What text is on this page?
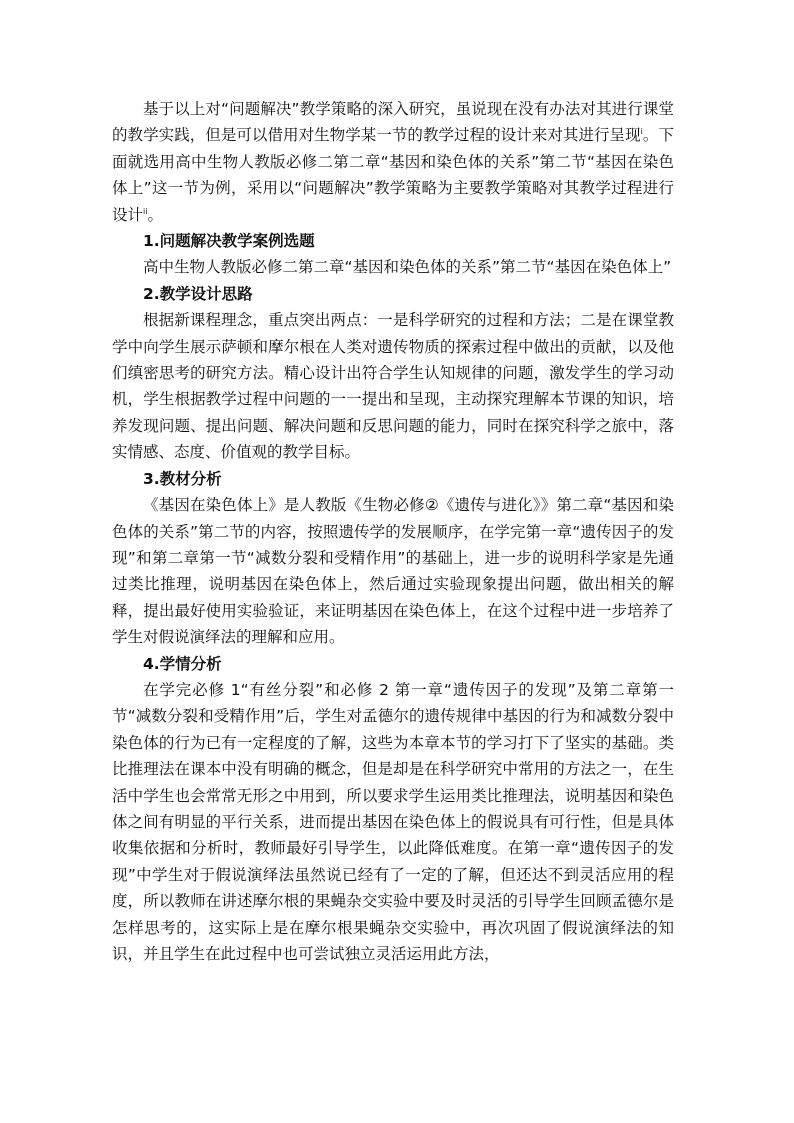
基于以上对“问题解决”教学策略的深入研究，虽说现在没有办法对其进行课堂的教学实践，但是可以借用对生物学某一节的教学过程的设计来对其进行呈现$^i$。下面就选用高中生物人教版必修二第二章“基因和染色体的关系”第二节“基因在染色体上”这一节为例，采用以“问题解决”教学策略为主要教学策略对其教学过程进行设计$^{ii}$。

1.问题解决教学案例选题

高中生物人教版必修二第二章“基因和染色体的关系”第二节“基因在染色体上”

2.教学设计思路

根据新课程理念，重点突出两点：一是科学研究的过程和方法；二是在课堂教学中向学生展示萨顿和摩尔根在人类对遗传物质的探索过程中做出的贡献，以及他们缜密思考的研究方法。精心设计出符合学生认知规律的问题，激发学生的学习动机，学生根据教学过程中问题的一一提出和呈现，主动探究理解本节课的知识，培养发现问题、提出问题、解决问题和反思问题的能力，同时在探究科学之旅中，落实情感、态度、价值观的教学目标。

3.教材分析

《基因在染色体上》是人教版《生物必修②《遗传与进化》》第二章“基因和染色体的关系”第二节的内容，按照遗传学的发展顺序，在学完第一章“遗传因子的发现”和第二章第一节“减数分裂和受精作用”的基础上，进一步的说明科学家是先通过类比推理，说明基因在染色体上，然后通过实验现象提出问题，做出相关的解释，提出最好使用实验验证，来证明基因在染色体上，在这个过程中进一步培养了学生对假说演绎法的理解和应用。

4.学情分析

在学完必修 1“有丝分裂”和必修 2 第一章“遗传因子的发现”及第二章第一节“减数分裂和受精作用”后，学生对孟德尔的遗传规律中基因的行为和减数分裂中染色体的行为已有一定程度的了解，这些为本章本节的学习打下了坚实的基础。类比推理法在课本中没有明确的概念，但是却是在科学研究中常用的方法之一，在生活中学生也会常常无形之中用到，所以要求学生运用类比推理法，说明基因和染色体之间有明显的平行关系，进而提出基因在染色体上的假说具有可行性，但是具体收集依据和分析时，教师最好引导学生，以此降低难度。在第一章“遗传因子的发现”中学生对于假说演绎法虽然说已经有了一定的了解，但还达不到灵活应用的程度，所以教师在讲述摩尔根的果蝇杂交实验中要及时灵活的引导学生回顾孟德尔是怎样思考的，这实际上是在摩尔根果蝇杂交实验中，再次巩固了假说演绎法的知识，并且学生在此过程中也可尝试独立灵活运用此方法，
